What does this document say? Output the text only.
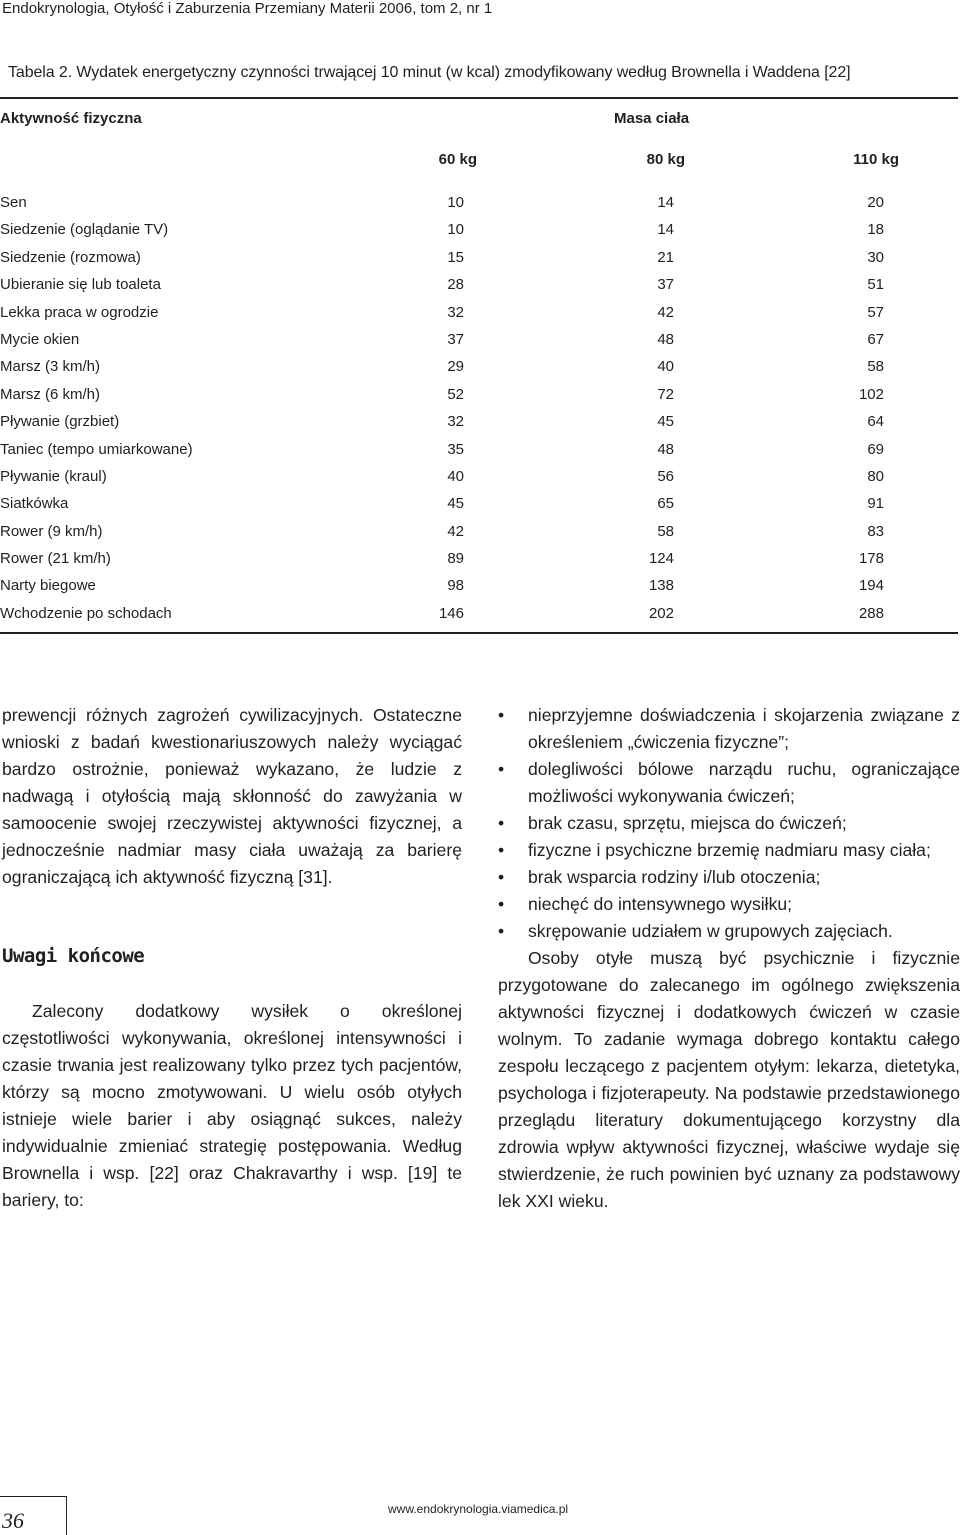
Endokrynologia, Otyłość i Zaburzenia Przemiany Materii 2006, tom 2, nr 1
Tabela 2. Wydatek energetyczny czynności trwającej 10 minut (w kcal) zmodyfikowany według Brownella i Waddena [22]
Aktywność fizyczna	Masa ciała
60 kg	80 kg	110 kg
Sen	10	14	20
Siedzenie (oglądanie TV)	10	14	18
Siedzenie (rozmowa)	15	21	30
Ubieranie się lub toaleta	28	37	51
Lekka praca w ogrodzie	32	42	57
Mycie okien	37	48	67
Marsz (3 km/h)	29	40	58
Marsz (6 km/h)	52	72	102
Pływanie (grzbiet)	32	45	64
Taniec (tempo umiarkowane)	35	48	69
Pływanie (kraul)	40	56	80
Siatkówka	45	65	91
Rower (9 km/h)	42	58	83
Rower (21 km/h)	89	124	178
Narty biegowe	98	138	194
Wchodzenie po schodach	146	202	288

prewencji różnych zagrożeń cywilizacyjnych. Ostateczne wnioski z badań kwestionariuszowych należy wyciągać bardzo ostrożnie, ponieważ wykazano, że ludzie z nadwagą i otyłością mają skłonność do zawyżania w samoocenie swojej rzeczywistej aktywności fizycznej, a jednocześnie nadmiar masy ciała uważają za barierę ograniczającą ich aktywność fizyczną [31].

Uwagi końcowe

Zalecony dodatkowy wysiłek o określonej częstotliwości wykonywania, określonej intensywności i czasie trwania jest realizowany tylko przez tych pacjentów, którzy są mocno zmotywowani. U wielu osób otyłych istnieje wiele barier i aby osiągnąć sukces, należy indywidualnie zmieniać strategię postępowania. Według Brownella i wsp. [22] oraz Chakravarthy i wsp. [19] te bariery, to:

• nieprzyjemne doświadczenia i skojarzenia związane z określeniem „ćwiczenia fizyczne”;
• dolegliwości bólowe narządu ruchu, ograniczające możliwości wykonywania ćwiczeń;
• brak czasu, sprzętu, miejsca do ćwiczeń;
• fizyczne i psychiczne brzemię nadmiaru masy ciała;
• brak wsparcia rodziny i/lub otoczenia;
• niechęć do intensywnego wysiłku;
• skrępowanie udziałem w grupowych zajęciach.

Osoby otyłe muszą być psychicznie i fizycznie przygotowane do zalecanego im ogólnego zwiększenia aktywności fizycznej i dodatkowych ćwiczeń w czasie wolnym. To zadanie wymaga dobrego kontaktu całego zespołu leczącego z pacjentem otyłym: lekarza, dietetyka, psychologa i fizjoterapeuty. Na podstawie przedstawionego przeglądu literatury dokumentującego korzystny dla zdrowia wpływ aktywności fizycznej, właściwe wydaje się stwierdzenie, że ruch powinien być uznany za podstawowy lek XXI wieku.

36	www.endokrynologia.viamedica.pl
